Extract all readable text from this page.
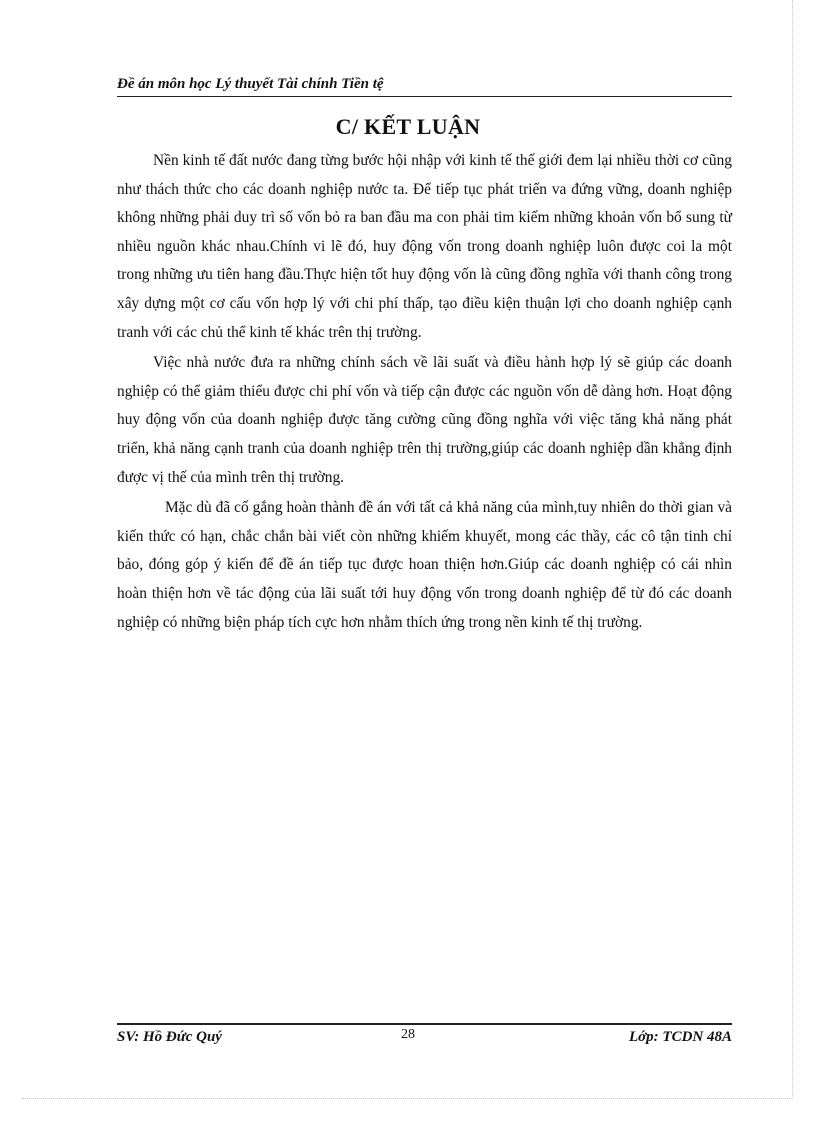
Đề án môn học Lý thuyết Tài chính Tiền tệ
C/ KẾT LUẬN

Nền kinh tế đất nước đang từng bước hội nhập với kinh tế thế giới đem lại nhiều thời cơ cũng như thách thức cho các doanh nghiệp nước ta. Để tiếp tục phát triển va đứng vững, doanh nghiệp không những phải duy trì số vốn bỏ ra ban đầu ma con phải tim kiếm những khoản vốn bổ sung từ nhiều nguồn khác nhau.Chính vi lẽ đó, huy động vốn trong doanh nghiệp luôn được coi la một trong những ưu tiên hang đầu.Thực hiện tốt huy động vốn là cũng đồng nghĩa với thanh công trong xây dựng một cơ cấu vốn hợp lý với chi phí thấp, tạo điều kiện thuận lợi cho doanh nghiệp cạnh tranh với các chủ thể kinh tế khác trên thị trường.

Việc nhà nước đưa ra những chính sách về lãi suất và điều hành hợp lý sẽ giúp các doanh nghiệp có thể giảm thiểu được chi phí vốn và tiếp cận được các nguồn vốn dễ dàng hơn. Hoạt động huy động vốn của doanh nghiệp được tăng cường cũng đồng nghĩa với việc tăng khả năng phát triển, khả năng cạnh tranh của doanh nghiệp trên thị trường,giúp các doanh nghiệp dần khẳng định được vị thế của mình trên thị trường.

Mặc dù đã cố gắng hoàn thành đề án với tất cả khả năng của mình,tuy nhiên do thời gian và kiến thức có hạn, chắc chắn bài viết còn những khiếm khuyết, mong các thầy, các cô tận tinh chỉ bảo, đóng góp ý kiến để đề án tiếp tục được hoan thiện hơn.Giúp các doanh nghiệp có cái nhìn hoàn thiện hơn về tác động của lãi suất tới huy động vốn trong doanh nghiệp để từ đó các doanh nghiệp có những biện pháp tích cực hơn nhằm thích ứng trong nền kinh tế thị trường.

SV: Hồ Đức Quý	28	Lớp: TCDN 48A
